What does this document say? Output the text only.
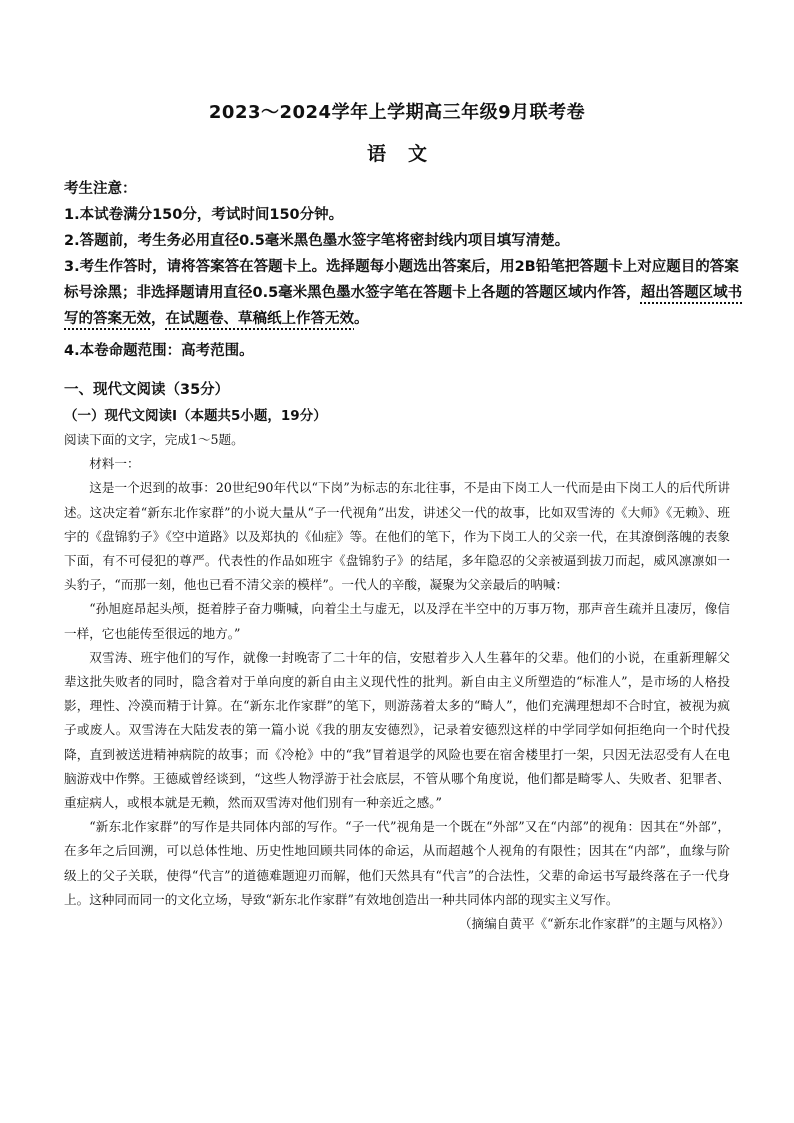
2023～2024学年上学期高三年级9月联考卷
语文

考生注意：

1.本试卷满分150分，考试时间150分钟。

2.答题前，考生务必用直径0.5毫米黑色墨水签字笔将密封线内项目填写清楚。

3.考生作答时，请将答案答在答题卡上。选择题每小题选出答案后，用2B铅笔把答题卡上对应题目的答案标号涂黑；非选择题请用直径0.5毫米黑色墨水签字笔在答题卡上各题的答题区域内作答，超出答题区域书写的答案无效，在试题卷、草稿纸上作答无效。

4.本卷命题范围：高考范围。

一、现代文阅读（35分）
（一）现代文阅读Ⅰ（本题共5小题，19分）

阅读下面的文字，完成1～5题。

材料一：

这是一个迟到的故事：20世纪90年代以“下岗”为标志的东北往事，不是由下岗工人一代而是由下岗工人的后代所讲述。这决定着“新东北作家群”的小说大量从“子一代视角”出发，讲述父一代的故事，比如双雪涛的《大师》《无赖》、班宇的《盘锦豹子》《空中道路》以及郑执的《仙症》等。在他们的笔下，作为下岗工人的父亲一代，在其潦倒落魄的表象下面，有不可侵犯的尊严。代表性的作品如班宇《盘锦豹子》的结尾，多年隐忍的父亲被逼到拔刀而起，威风凛凛如一头豹子，“而那一刻，他也已看不清父亲的模样”。一代人的辛酸，凝聚为父亲最后的呐喊：

“孙旭庭昂起头颅，挺着脖子奋力嘶喊，向着尘土与虚无，以及浮在半空中的万事万物，那声音生疏并且凄厉，像信一样，它也能传至很远的地方。”

双雪涛、班宇他们的写作，就像一封晚寄了二十年的信，安慰着步入人生暮年的父辈。他们的小说，在重新理解父辈这批失败者的同时，隐含着对于单向度的新自由主义现代性的批判。新自由主义所塑造的“标准人”，是市场的人格投影，理性、冷漠而精于计算。在“新东北作家群”的笔下，则游荡着太多的“畸人”，他们充满理想却不合时宜，被视为疯子或废人。双雪涛在大陆发表的第一篇小说《我的朋友安德烈》，记录着安德烈这样的中学同学如何拒绝向一个时代投降，直到被送进精神病院的故事；而《冷枪》中的“我”冒着退学的风险也要在宿舍楼里打一架，只因无法忍受有人在电脑游戏中作弊。王德威曾经谈到，“这些人物浮游于社会底层，不管从哪个角度说，他们都是畸零人、失败者、犯罪者、重症病人，或根本就是无赖，然而双雪涛对他们别有一种亲近之感。”

“新东北作家群”的写作是共同体内部的写作。“子一代”视角是一个既在“外部”又在“内部”的视角：因其在“外部”，在多年之后回溯，可以总体性地、历史性地回顾共同体的命运，从而超越个人视角的有限性；因其在“内部”，血缘与阶级上的父子关联，使得“代言”的道德难题迎刃而解，他们天然具有“代言”的合法性，父辈的命运书写最终落在子一代身上。这种同而同一的文化立场，导致“新东北作家群”有效地创造出一种共同体内部的现实主义写作。

（摘编自黄平《“新东北作家群”的主题与风格》）
